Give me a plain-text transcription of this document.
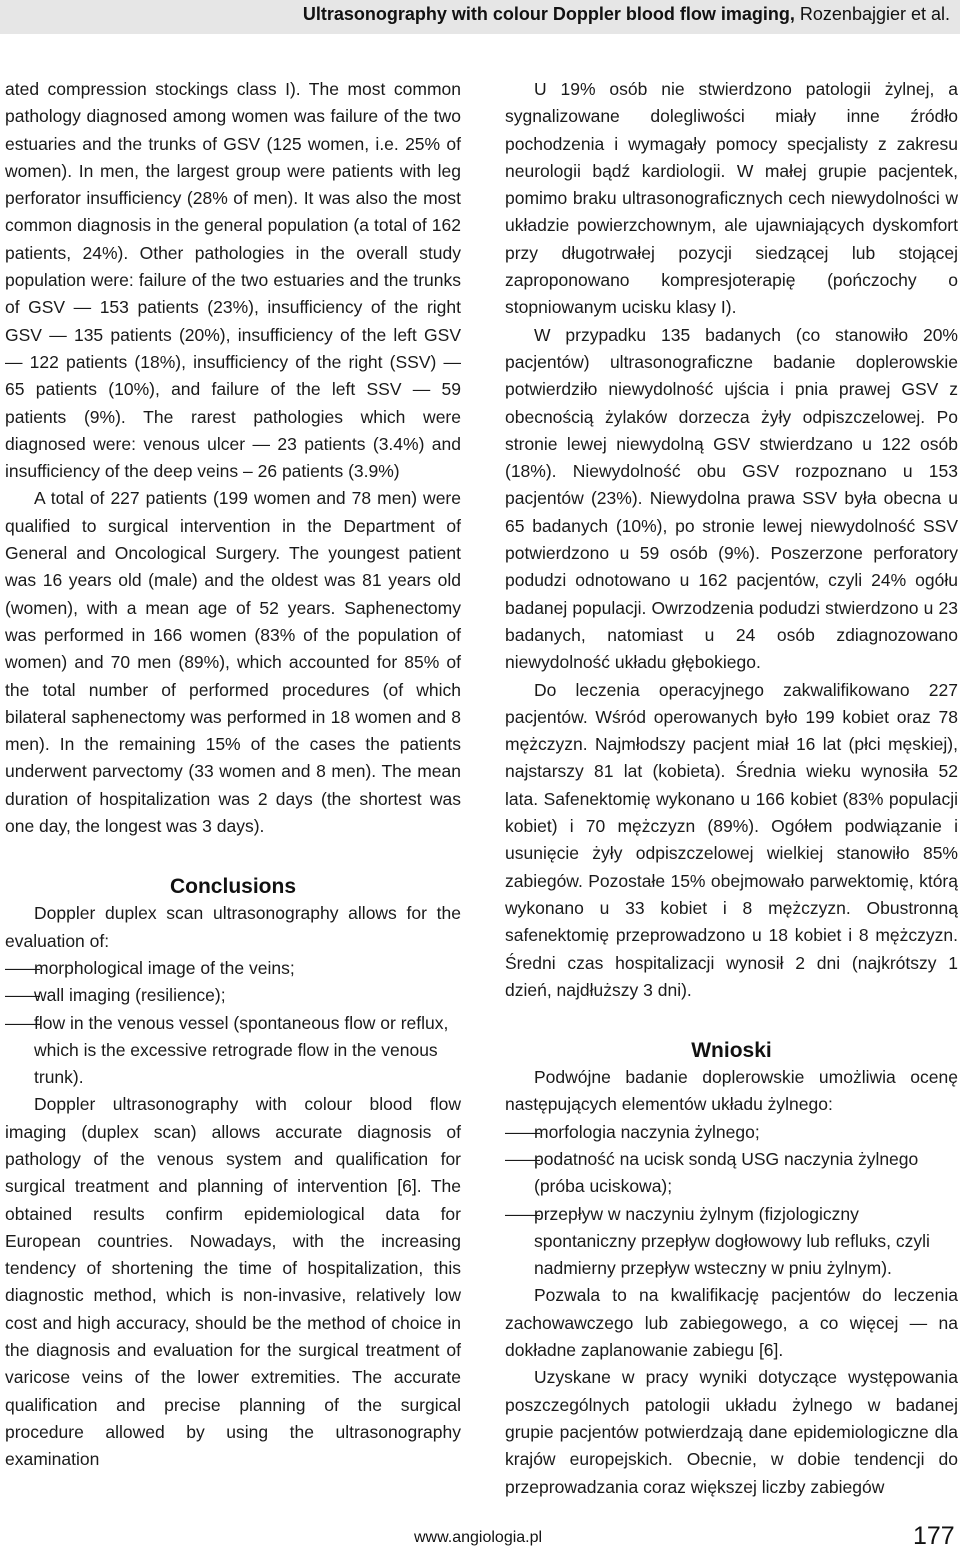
Ultrasonography with colour Doppler blood flow imaging, Rozenbajgier et al.

ated compression stockings class I). The most common pathology diagnosed among women was failure of the two estuaries and the trunks of GSV (125 women, i.e. 25% of women). In men, the largest group were patients with leg perforator insufficiency (28% of men). It was also the most common diagnosis in the general population (a total of 162 patients, 24%). Other pathologies in the overall study population were: failure of the two estuaries and the trunks of GSV — 153 patients (23%), insufficiency of the right GSV — 135 patients (20%), insufficiency of the left GSV — 122 patients (18%), insufficiency of the right (SSV) — 65 patients (10%), and failure of the left SSV — 59 patients (9%). The rarest pathologies which were diagnosed were: venous ulcer — 23 patients (3.4%) and insufficiency of the deep veins – 26 patients (3.9%)

A total of 227 patients (199 women and 78 men) were qualified to surgical intervention in the Department of General and Oncological Surgery. The youngest patient was 16 years old (male) and the oldest was 81 years old (women), with a mean age of 52 years. Saphenectomy was performed in 166 women (83% of the population of women) and 70 men (89%), which accounted for 85% of the total number of performed procedures (of which bilateral saphenectomy was performed in 18 women and 8 men). In the remaining 15% of the cases the patients underwent parvectomy (33 women and 8 men). The mean duration of hospitalization was 2 days (the shortest was one day, the longest was 3 days).

Conclusions

Doppler duplex scan ultrasonography allows for the evaluation of:

——
morphological image of the veins;
——
wall imaging (resilience);
——
flow in the venous vessel (spontaneous flow or reflux, which is the excessive retrograde flow in the venous trunk).

Doppler ultrasonography with colour blood flow imaging (duplex scan) allows accurate diagnosis of pathology of the venous system and qualification for surgical treatment and planning of intervention [6]. The obtained results confirm epidemiological data for European countries. Nowadays, with the increasing tendency of shortening the time of hospitalization, this diagnostic method, which is non-invasive, relatively low cost and high accuracy, should be the method of choice in the diagnosis and evaluation for the surgical treatment of varicose veins of the lower extremities. The accurate qualification and precise planning of the surgical procedure allowed by using the ultrasonography examination

U 19% osób nie stwierdzono patologii żylnej, a sygnalizowane dolegliwości miały inne źródło pochodzenia i wymagały pomocy specjalisty z zakresu neurologii bądź kardiologii. W małej grupie pacjentek, pomimo braku ultrasonograficznych cech niewydolności w układzie powierzchownym, ale ujawniających dyskomfort przy długotrwałej pozycji siedzącej lub stojącej zaproponowano kompresjoterapię (pończochy o stopniowanym ucisku klasy I).

W przypadku 135 badanych (co stanowiło 20% pacjentów) ultrasonograficzne badanie doplerowskie potwierdziło niewydolność ujścia i pnia prawej GSV z obecnością żylaków dorzecza żyły odpiszczelowej. Po stronie lewej niewydolną GSV stwierdzano u 122 osób (18%). Niewydolność obu GSV rozpoznano u 153 pacjentów (23%). Niewydolna prawa SSV była obecna u 65 badanych (10%), po stronie lewej niewydolność SSV potwierdzono u 59 osób (9%). Poszerzone perforatory podudzi odnotowano u 162 pacjentów, czyli 24% ogółu badanej populacji. Owrzodzenia podudzi stwierdzono u 23 badanych, natomiast u 24 osób zdiagnozowano niewydolność układu głębokiego.

Do leczenia operacyjnego zakwalifikowano 227 pacjentów. Wśród operowanych było 199 kobiet oraz 78 mężczyzn. Najmłodszy pacjent miał 16 lat (płci męskiej), najstarszy 81 lat (kobieta). Średnia wieku wynosiła 52 lata. Safenektomię wykonano u 166 kobiet (83% populacji kobiet) i 70 mężczyzn (89%). Ogółem podwiązanie i usunięcie żyły odpiszczelowej wielkiej stanowiło 85% zabiegów. Pozostałe 15% obejmowało parwektomię, którą wykonano u 33 kobiet i 8 mężczyzn. Obustronną safenektomię przeprowadzono u 18 kobiet i 8 mężczyzn. Średni czas hospitalizacji wynosił 2 dni (najkrótszy 1 dzień, najdłuższy 3 dni).

Wnioski

Podwójne badanie doplerowskie umożliwia ocenę następujących elementów układu żylnego:

——
morfologia naczynia żylnego;
——
podatność na ucisk sondą USG naczynia żylnego (próba uciskowa);
——
przepływ w naczyniu żylnym (fizjologiczny spontaniczny przepływ dogłowowy lub refluks, czyli nadmierny przepływ wsteczny w pniu żylnym).

Pozwala to na kwalifikację pacjentów do leczenia zachowawczego lub zabiegowego, a co więcej — na dokładne zaplanowanie zabiegu [6].

Uzyskane w pracy wyniki dotyczące występowania poszczególnych patologii układu żylnego w badanej grupie pacjentów potwierdzają dane epidemiologiczne dla krajów europejskich. Obecnie, w dobie tendencji do przeprowadzania coraz większej liczby zabiegów

www.angiologia.pl	177
